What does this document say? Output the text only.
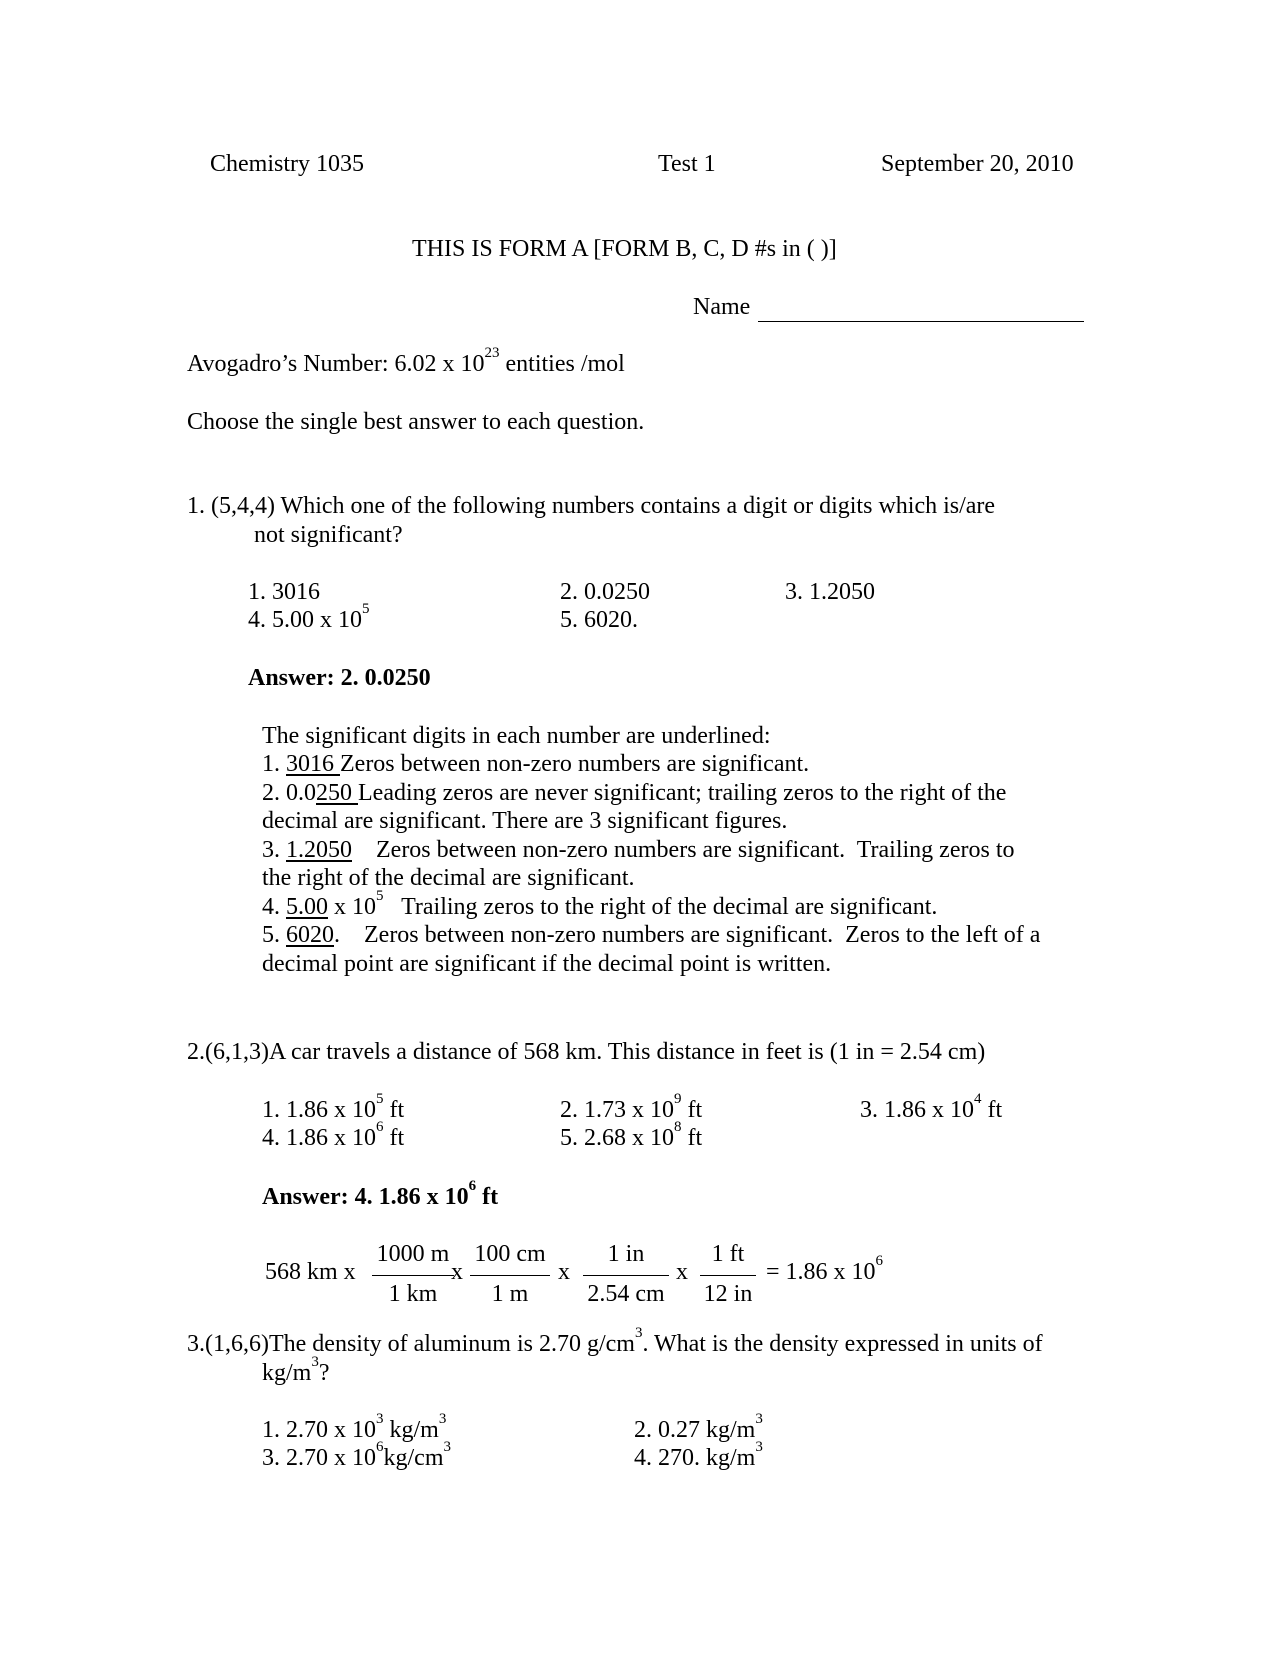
Chemistry 1035	Test 1	September 20, 2010
THIS IS FORM A [FORM B, C, D #s in ( )]
Name
Avogadro’s Number: 6.02 x $10^{23}$ entities /mol
Choose the single best answer to each question.
1. (5,4,4) Which one of the following numbers contains a digit or digits which is/are
not significant?
1. 3016	2. 0.0250	3. 1.2050
4. 5.00 x $10^5$	5. 6020.
Answer: 2. 0.0250
The significant digits in each number are underlined:
1. 3016 Zeros between non-zero numbers are significant.
2. 0.0250 Leading zeros are never significant; trailing zeros to the right of the
decimal are significant. There are 3 significant figures.
3. 1.2050    Zeros between non-zero numbers are significant.  Trailing zeros to
the right of the decimal are significant.
4. 5.00 x $10^5$   Trailing zeros to the right of the decimal are significant.
5. 6020.    Zeros between non-zero numbers are significant.  Zeros to the left of a
decimal point are significant if the decimal point is written.
2.(6,1,3)A car travels a distance of 568 km. This distance in feet is (1 in = 2.54 cm)
1. 1.86 x $10^5$ ft	2. 1.73 x $10^9$ ft	3. 1.86 x $10^4$ ft
4. 1.86 x $10^6$ ft	5. 2.68 x $10^8$ ft
Answer: 4. 1.86 x $10^6$ ft
568 km x
1000 m
1 km
x
100 cm
1 m
x
1 in
2.54 cm
x
1 ft
12 in
= 1.86 x $10^6$
3.(1,6,6)The density of aluminum is 2.70 $g/cm^3$. What is the density expressed in units of
$kg/m^3$?
1. 2.70 x $10^3$ $kg/m^3$	2. 0.27 $kg/m^3$
3. 2.70 x $10^6kg/cm^3$	4. 270. $kg/m^3$
